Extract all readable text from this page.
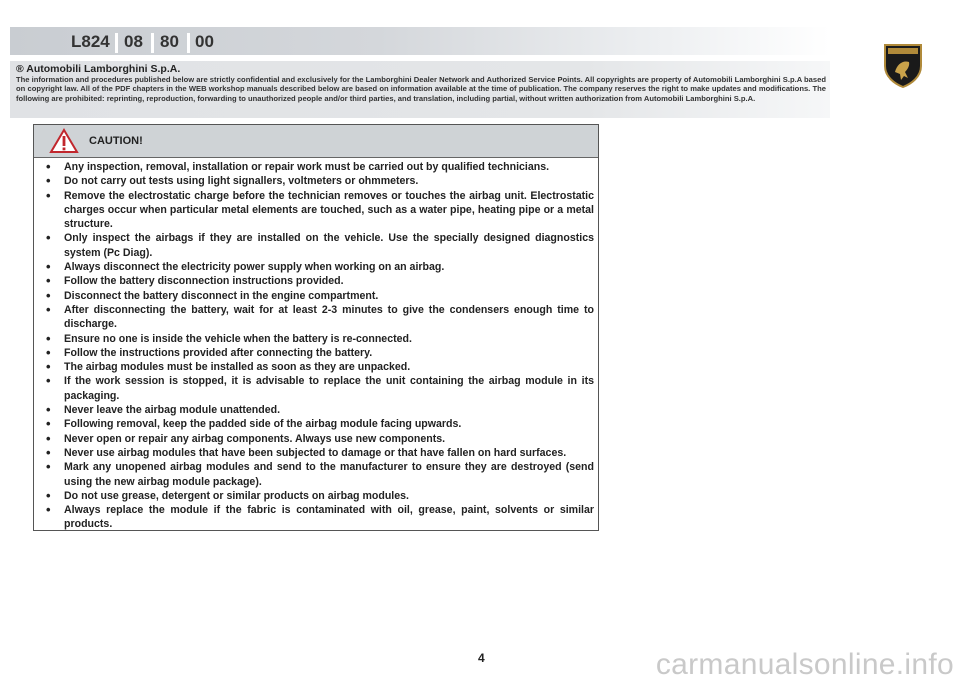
L824 08 80 00
® Automobili Lamborghini S.p.A.
The information and procedures published below are strictly confidential and exclusively for the Lamborghini Dealer Network and Authorized Service Points. All copyrights are property of Automobili Lamborghini S.p.A based on copyright law. All of the PDF chapters in the WEB workshop manuals described below are based on information available at the time of publication. The company reserves the right to make updates and modifications. The following are prohibited: reprinting, reproduction, forwarding to unauthorized people and/or third parties, and translation, including partial, without written authorization from Automobili Lamborghini S.p.A.
CAUTION!
• Any inspection, removal, installation or repair work must be carried out by qualified technicians.
• Do not carry out tests using light signallers, voltmeters or ohmmeters.
• Remove the electrostatic charge before the technician removes or touches the airbag unit. Electrostatic charges occur when particular metal elements are touched, such as a water pipe, heating pipe or a metal structure.
• Only inspect the airbags if they are installed on the vehicle. Use the specially designed diagnostics system (Pc Diag).
• Always disconnect the electricity power supply when working on an airbag.
• Follow the battery disconnection instructions provided.
• Disconnect the battery disconnect in the engine compartment.
• After disconnecting the battery, wait for at least 2-3 minutes to give the condensers enough time to discharge.
• Ensure no one is inside the vehicle when the battery is re-connected.
• Follow the instructions provided after connecting the battery.
• The airbag modules must be installed as soon as they are unpacked.
• If the work session is stopped, it is advisable to replace the unit containing the airbag module in its packaging.
• Never leave the airbag module unattended.
• Following removal, keep the padded side of the airbag module facing upwards.
• Never open or repair any airbag components. Always use new components.
• Never use airbag modules that have been subjected to damage or that have fallen on hard surfaces.
• Mark any unopened airbag modules and send to the manufacturer to ensure they are destroyed (send using the new airbag module package).
• Do not use grease, detergent or similar products on airbag modules.
• Always replace the module if the fabric is contaminated with oil, grease, paint, solvents or similar products.
4	carmanualsonline.info
